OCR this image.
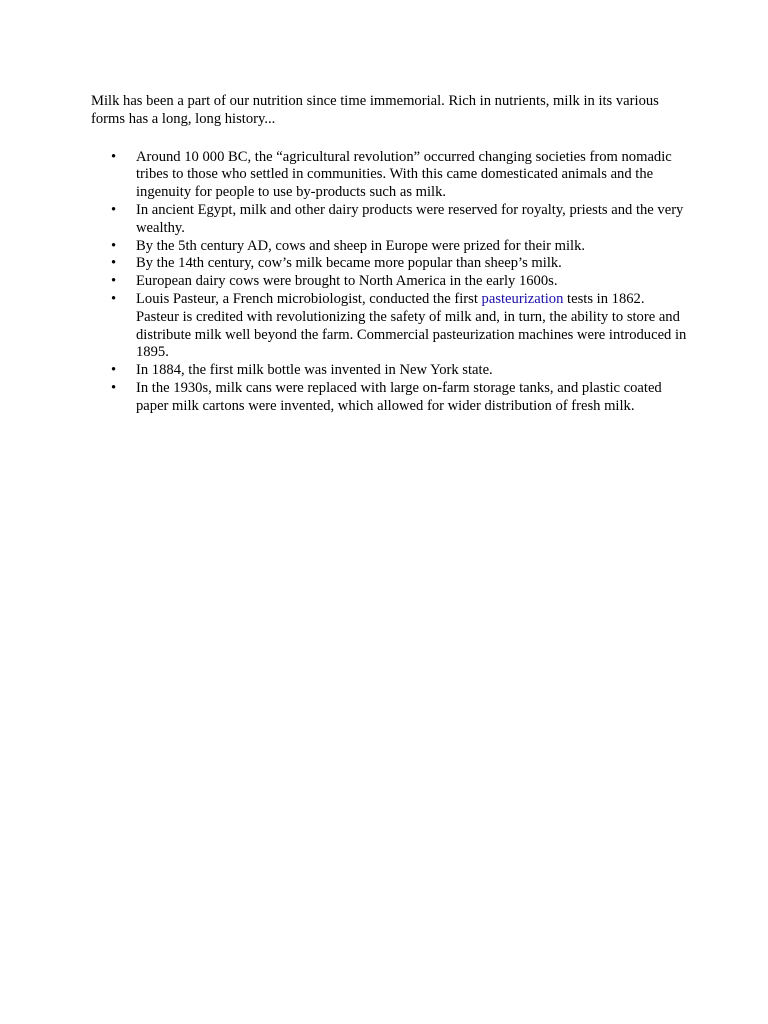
Milk has been a part of our nutrition since time immemorial. Rich in nutrients, milk in its various forms has a long, long history...

•	Around 10 000 BC, the “agricultural revolution” occurred changing societies from nomadic tribes to those who settled in communities. With this came domesticated animals and the ingenuity for people to use by-products such as milk.
•	In ancient Egypt, milk and other dairy products were reserved for royalty, priests and the very wealthy.
•	By the 5th century AD, cows and sheep in Europe were prized for their milk.
•	By the 14th century, cow’s milk became more popular than sheep’s milk.
•	European dairy cows were brought to North America in the early 1600s.
•	Louis Pasteur, a French microbiologist, conducted the first pasteurization tests in 1862. Pasteur is credited with revolutionizing the safety of milk and, in turn, the ability to store and distribute milk well beyond the farm. Commercial pasteurization machines were introduced in 1895.
•	In 1884, the first milk bottle was invented in New York state.
•	In the 1930s, milk cans were replaced with large on-farm storage tanks, and plastic coated paper milk cartons were invented, which allowed for wider distribution of fresh milk.
